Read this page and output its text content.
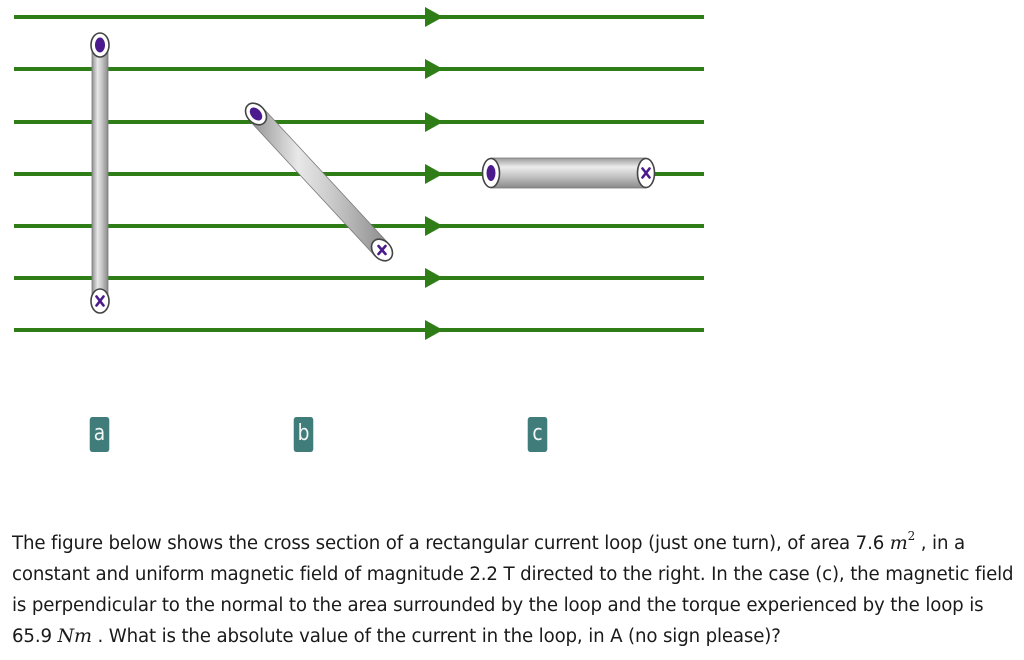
a	b	c
The figure below shows the cross section of a rectangular current loop (just one turn), of area 7.6 $m^2$ , in a constant and uniform magnetic field of magnitude 2.2 T directed to the right. In the case (c), the magnetic field is perpendicular to the normal to the area surrounded by the loop and the torque experienced by the loop is 65.9 Nm . What is the absolute value of the current in the loop, in A (no sign please)?
